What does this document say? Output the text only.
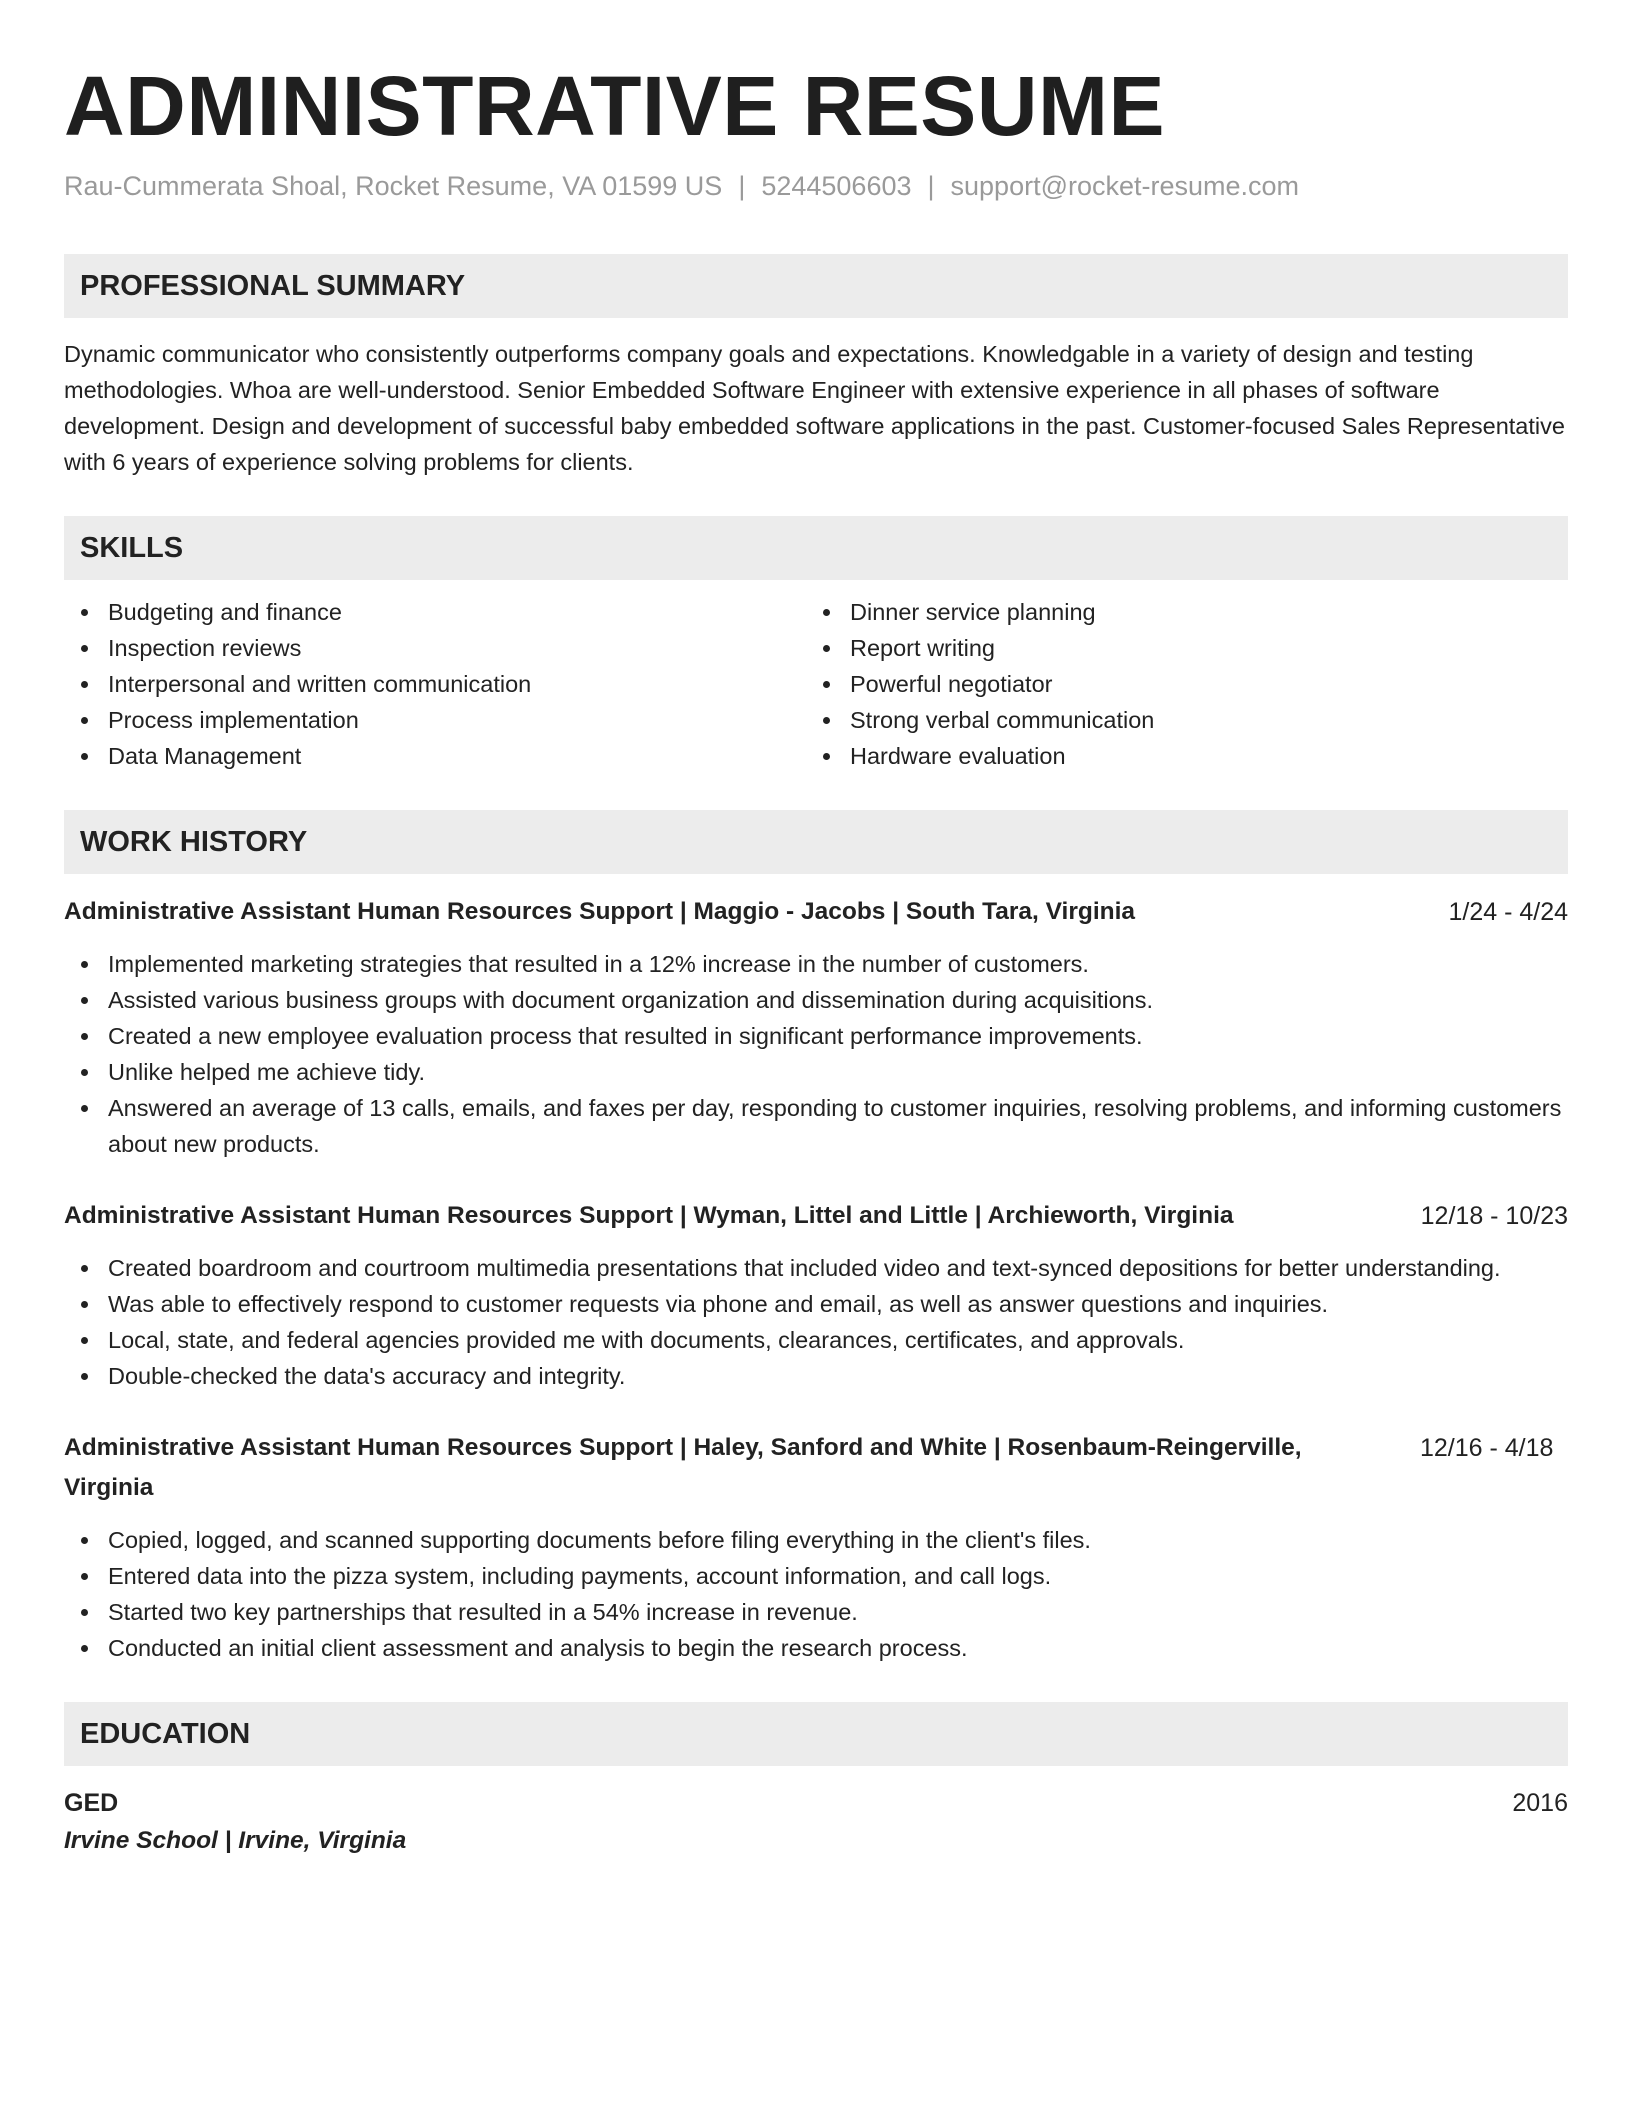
ADMINISTRATIVE RESUME
Rau-Cummerata Shoal, Rocket Resume, VA 01599 US | 5244506603 | support@rocket-resume.com
PROFESSIONAL SUMMARY
Dynamic communicator who consistently outperforms company goals and expectations. Knowledgable in a variety of design and testing methodologies. Whoa are well-understood. Senior Embedded Software Engineer with extensive experience in all phases of software development. Design and development of successful baby embedded software applications in the past. Customer-focused Sales Representative with 6 years of experience solving problems for clients.
SKILLS
Budgeting and finance
Inspection reviews
Interpersonal and written communication
Process implementation
Data Management
Dinner service planning
Report writing
Powerful negotiator
Strong verbal communication
Hardware evaluation
WORK HISTORY
Administrative Assistant Human Resources Support | Maggio - Jacobs | South Tara, Virginia	1/24 - 4/24
Implemented marketing strategies that resulted in a 12% increase in the number of customers.
Assisted various business groups with document organization and dissemination during acquisitions.
Created a new employee evaluation process that resulted in significant performance improvements.
Unlike helped me achieve tidy.
Answered an average of 13 calls, emails, and faxes per day, responding to customer inquiries, resolving problems, and informing customers about new products.
Administrative Assistant Human Resources Support | Wyman, Littel and Little | Archieworth, Virginia	12/18 - 10/23
Created boardroom and courtroom multimedia presentations that included video and text-synced depositions for better understanding.
Was able to effectively respond to customer requests via phone and email, as well as answer questions and inquiries.
Local, state, and federal agencies provided me with documents, clearances, certificates, and approvals.
Double-checked the data's accuracy and integrity.
Administrative Assistant Human Resources Support | Haley, Sanford and White | Rosenbaum-Reingerville, Virginia
12/16 - 4/18
Copied, logged, and scanned supporting documents before filing everything in the client's files.
Entered data into the pizza system, including payments, account information, and call logs.
Started two key partnerships that resulted in a 54% increase in revenue.
Conducted an initial client assessment and analysis to begin the research process.
EDUCATION
GED	2016
Irvine School | Irvine, Virginia
